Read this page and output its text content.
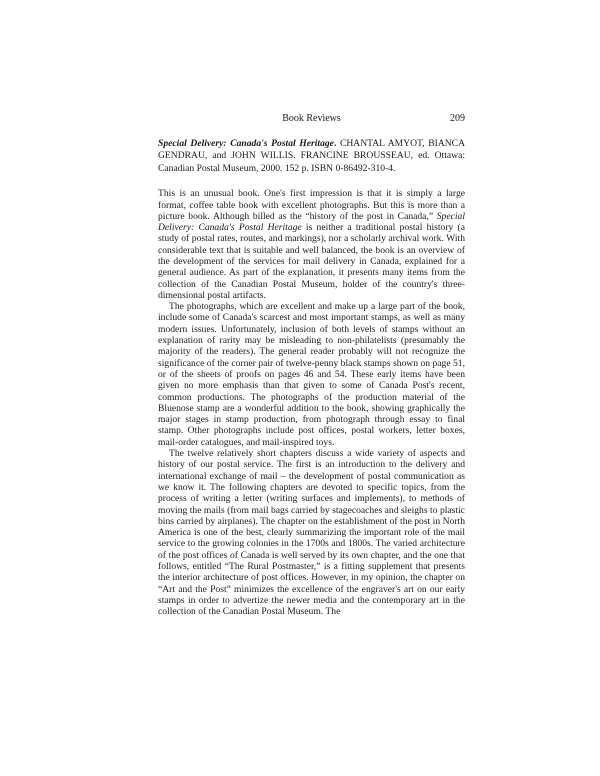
Book Reviews	209
Special Delivery: Canada's Postal Heritage. CHANTAL AMYOT, BIANCA GENDRAU, and JOHN WILLIS. FRANCINE BROUSSEAU, ed. Ottawa: Canadian Postal Museum, 2000. 152 p. ISBN 0-86492-310-4.

This is an unusual book. One's first impression is that it is simply a large format, coffee table book with excellent photographs. But this is more than a picture book. Although billed as the “history of the post in Canada,” Special Delivery: Canada's Postal Heritage is neither a traditional postal history (a study of postal rates, routes, and markings), nor a scholarly archival work. With considerable text that is suitable and well balanced, the book is an overview of the development of the services for mail delivery in Canada, explained for a general audience. As part of the explanation, it presents many items from the collection of the Canadian Postal Museum, holder of the country's three-dimensional postal artifacts.

The photographs, which are excellent and make up a large part of the book, include some of Canada's scarcest and most important stamps, as well as many modern issues. Unfortunately, inclusion of both levels of stamps without an explanation of rarity may be misleading to non-philatelists (presumably the majority of the readers). The general reader probably will not recognize the significance of the corner pair of twelve-penny black stamps shown on page 51, or of the sheets of proofs on pages 46 and 54. These early items have been given no more emphasis than that given to some of Canada Post's recent, common productions. The photographs of the production material of the Bluenose stamp are a wonderful addition to the book, showing graphically the major stages in stamp production, from photograph through essay to final stamp. Other photographs include post offices, postal workers, letter boxes, mail-order catalogues, and mail-inspired toys.

The twelve relatively short chapters discuss a wide variety of aspects and history of our postal service. The first is an introduction to the delivery and international exchange of mail – the development of postal communication as we know it. The following chapters are devoted to specific topics, from the process of writing a letter (writing surfaces and implements), to methods of moving the mails (from mail bags carried by stagecoaches and sleighs to plastic bins carried by airplanes). The chapter on the establishment of the post in North America is one of the best, clearly summarizing the important role of the mail service to the growing colonies in the 1700s and 1800s. The varied architecture of the post offices of Canada is well served by its own chapter, and the one that follows, entitled “The Rural Postmaster,” is a fitting supplement that presents the interior architecture of post offices. However, in my opinion, the chapter on “Art and the Post” minimizes the excellence of the engraver's art on our early stamps in order to advertize the newer media and the contemporary art in the collection of the Canadian Postal Museum. The
